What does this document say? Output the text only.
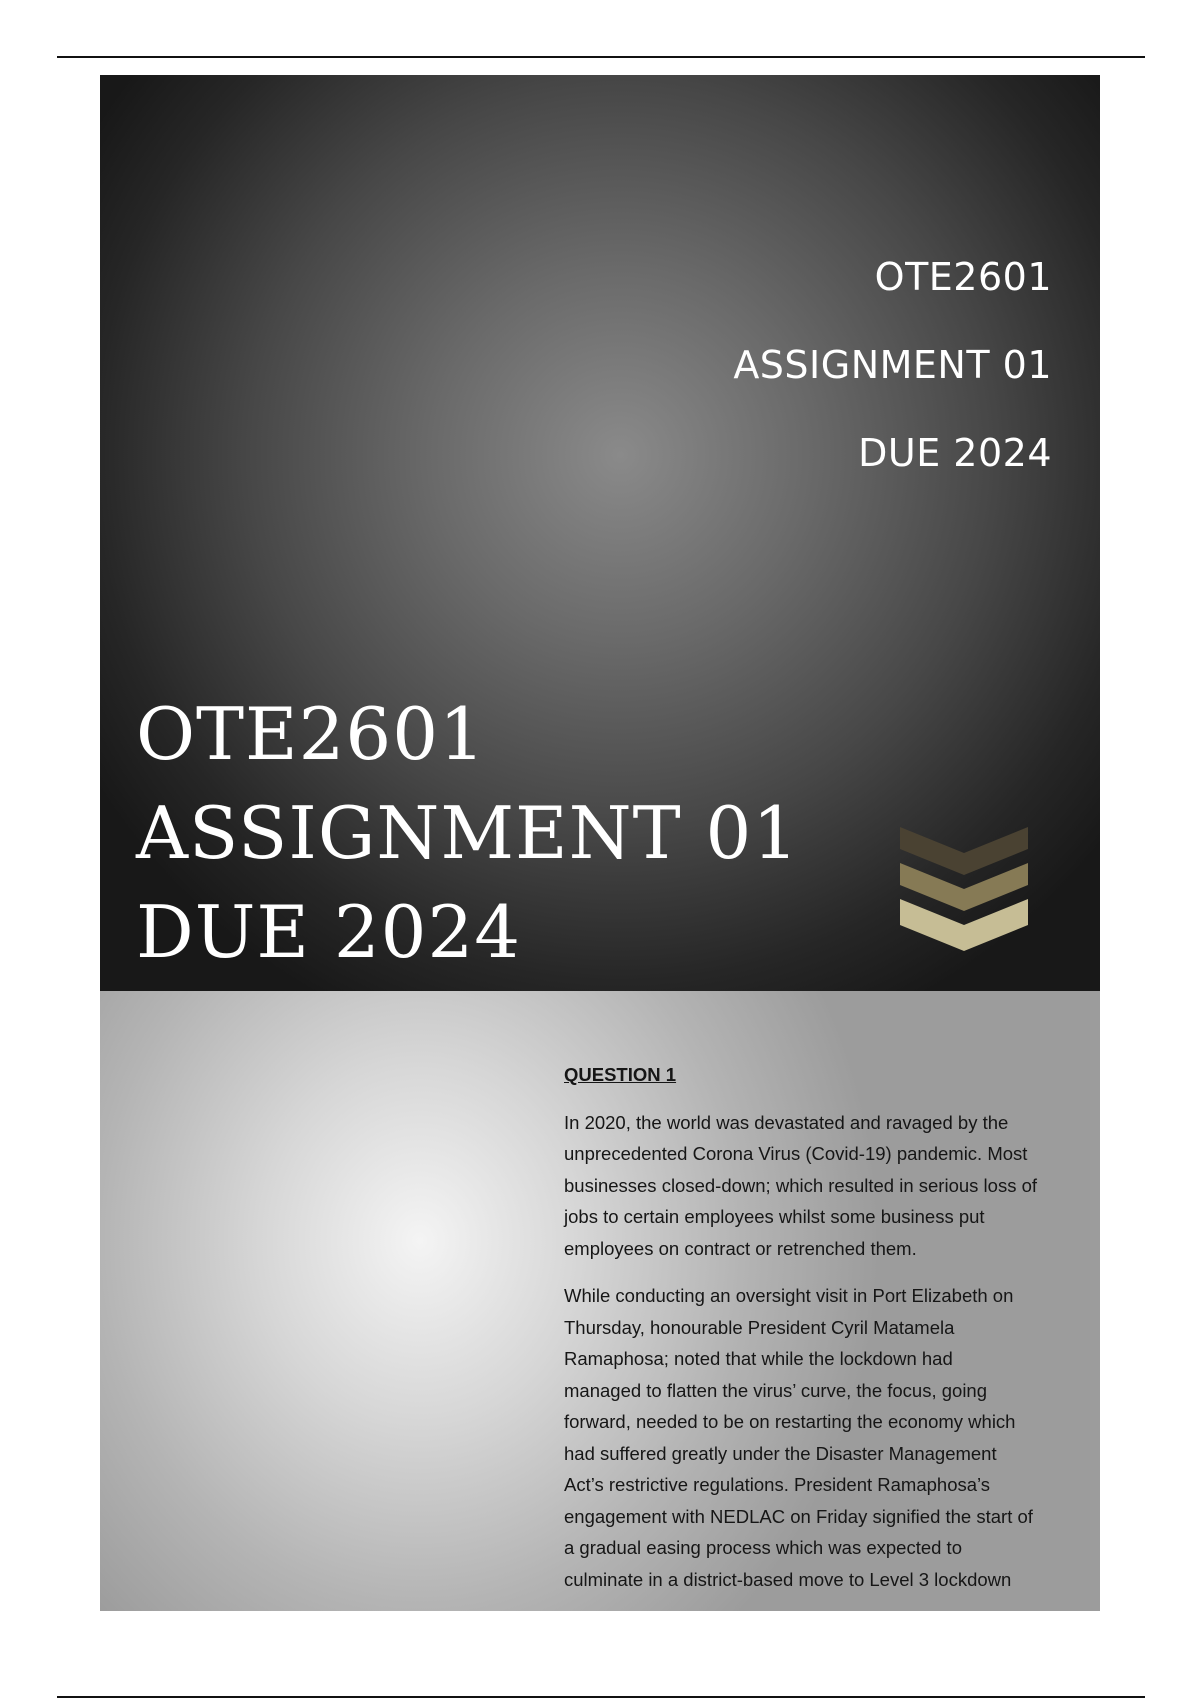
OTE2601
ASSIGNMENT 01
DUE 2024
OTE2601
ASSIGNMENT 01
DUE 2024
QUESTION 1
In 2020, the world was devastated and ravaged by the
unprecedented Corona Virus (Covid-19) pandemic. Most
businesses closed-down; which resulted in serious loss of
jobs to certain employees whilst some business put
employees on contract or retrenched them.
While conducting an oversight visit in Port Elizabeth on
Thursday, honourable President Cyril Matamela
Ramaphosa; noted that while the lockdown had
managed to flatten the virus’ curve, the focus, going
forward, needed to be on restarting the economy which
had suffered greatly under the Disaster Management
Act’s restrictive regulations. President Ramaphosa’s
engagement with NEDLAC on Friday signified the start of
a gradual easing process which was expected to
culminate in a district-based move to Level 3 lockdown
